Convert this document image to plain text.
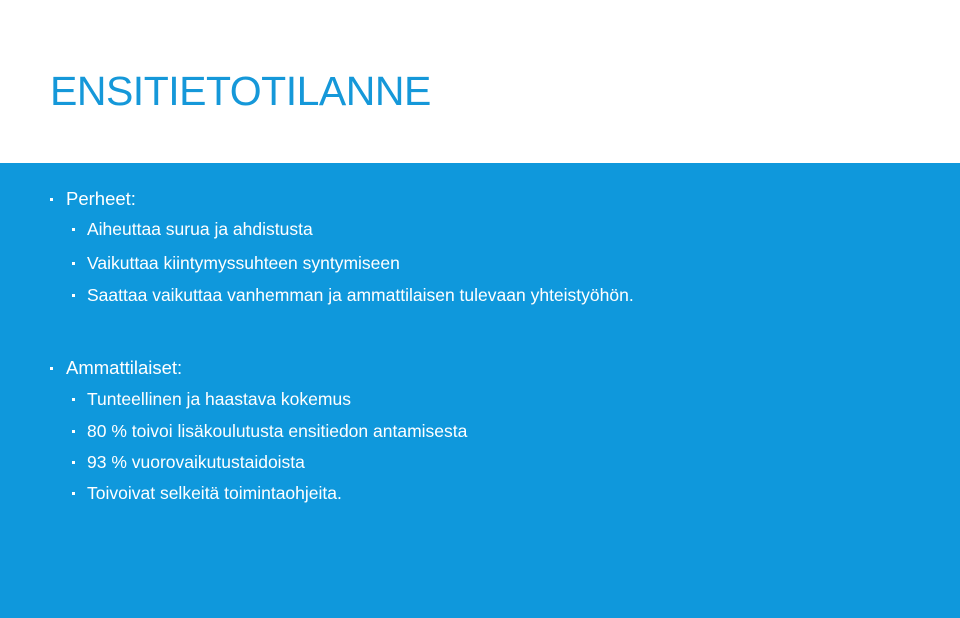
ENSITIETOTILANNE
Perheet:
Aiheuttaa surua ja ahdistusta
Vaikuttaa kiintymyssuhteen syntymiseen
Saattaa vaikuttaa vanhemman ja ammattilaisen tulevaan yhteistyöhön.
Ammattilaiset:
Tunteellinen ja haastava kokemus
80 % toivoi lisäkoulutusta ensitiedon antamisesta
93 % vuorovaikutustaidoista
Toivoivat selkeitä toimintaohjeita.
